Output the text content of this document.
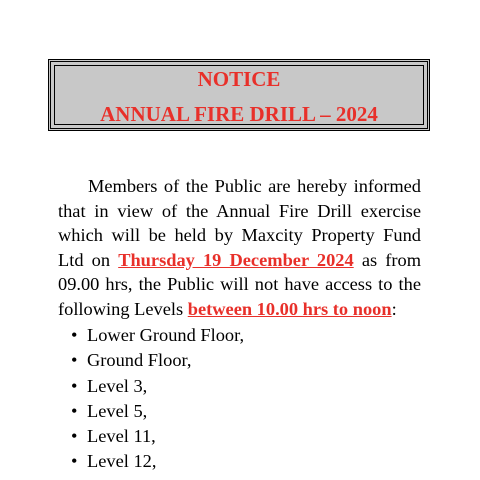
NOTICE
ANNUAL FIRE DRILL – 2024

Members of the Public are hereby informed that in view of the Annual Fire Drill exercise which will be held by Maxcity Property Fund Ltd on Thursday 19 December 2024 as from 09.00 hrs, the Public will not have access to the following Levels between 10.00 hrs to noon:

• Lower Ground Floor,
• Ground Floor,
• Level 3,
• Level 5,
• Level 11,
• Level 12,
